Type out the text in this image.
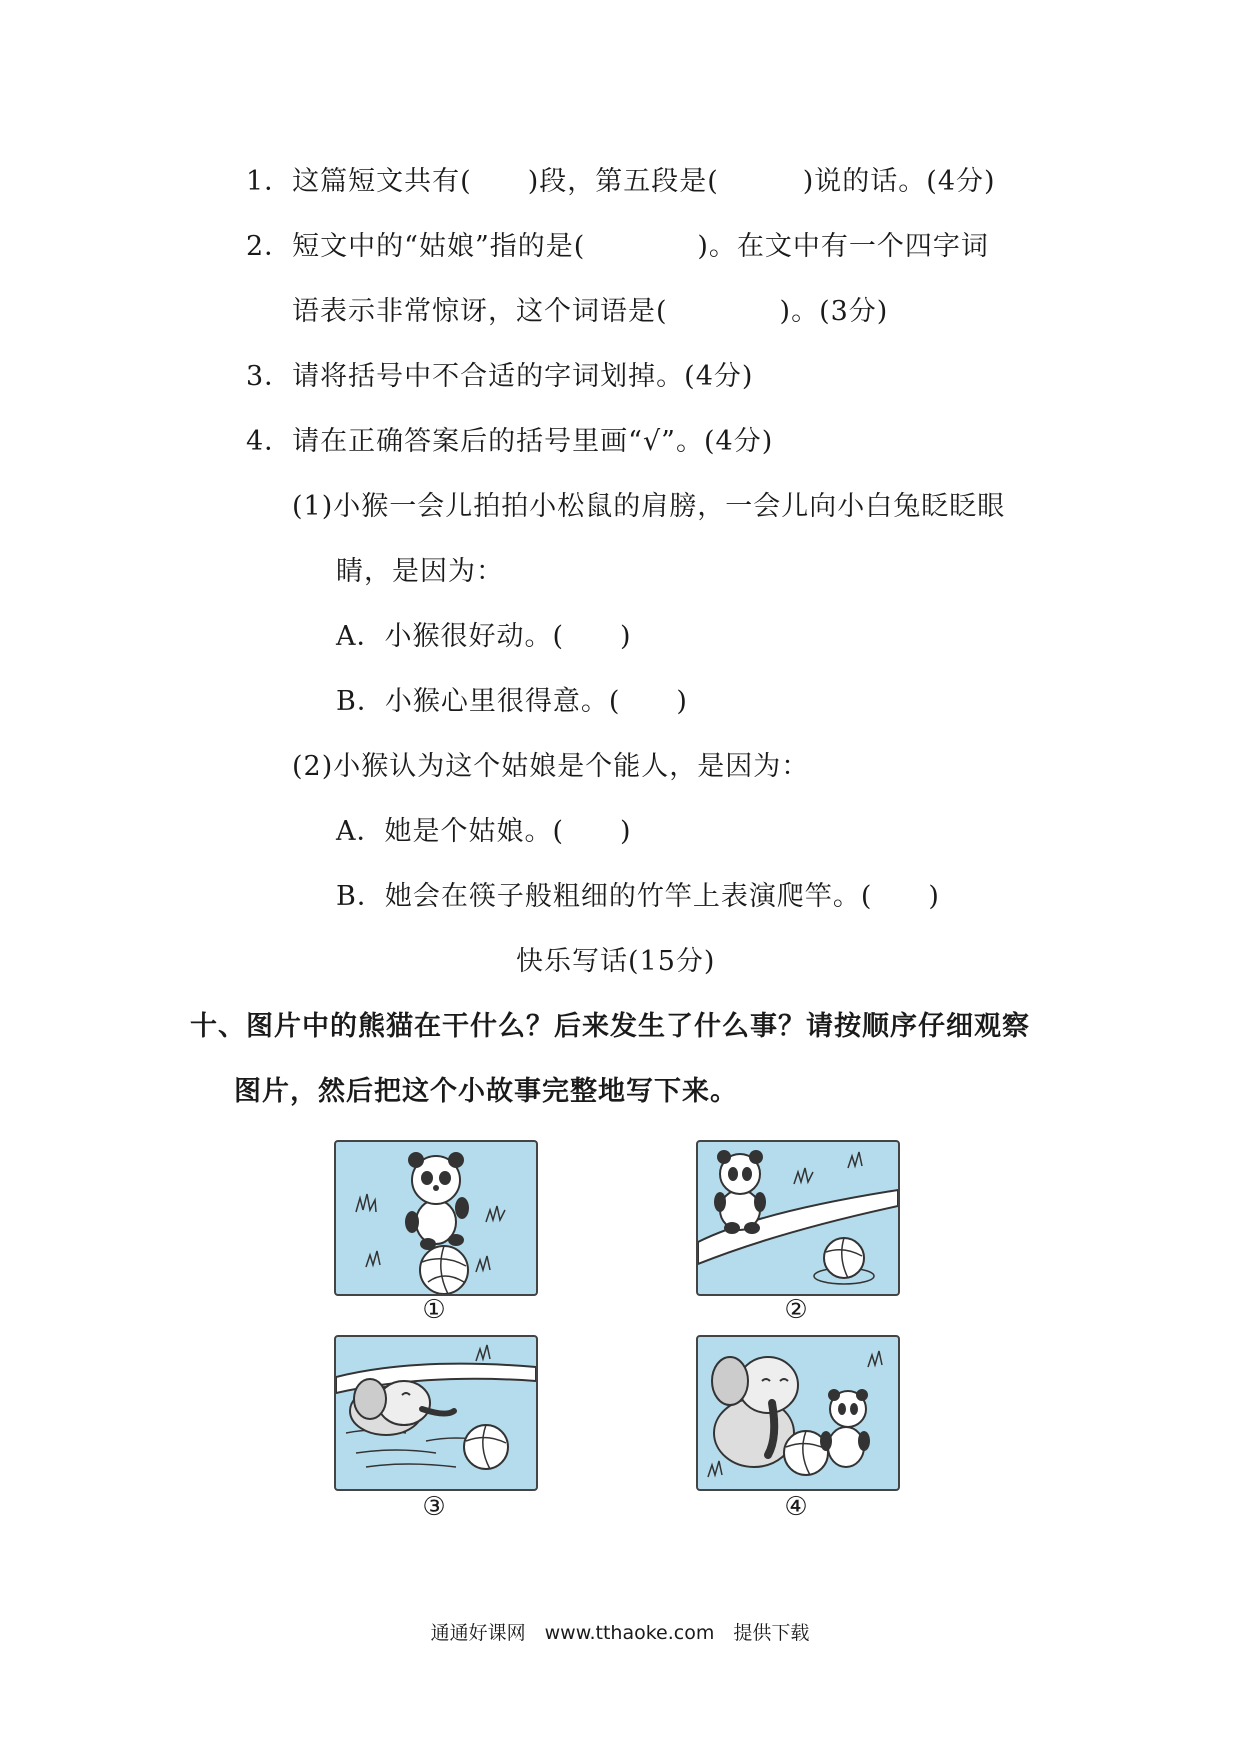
1．这篇短文共有(　　)段，第五段是(　　　)说的话。(4分)
2．短文中的“姑娘”指的是(　　　　)。在文中有一个四字词
语表示非常惊讶，这个词语是(　　　　)。(3分)
3．请将括号中不合适的字词划掉。(4分)
4．请在正确答案后的括号里画“√”。(4分)
(1)小猴一会儿拍拍小松鼠的肩膀，一会儿向小白兔眨眨眼
睛，是因为：
A．小猴很好动。(　　)
B．小猴心里很得意。(　　)
(2)小猴认为这个姑娘是个能人，是因为：
A．她是个姑娘。(　　)
B．她会在筷子般粗细的竹竿上表演爬竿。(　　)
快乐写话(15分)
十、图片中的熊猫在干什么？后来发生了什么事？请按顺序仔细观察
图片，然后把这个小故事完整地写下来。
①	②
③	④
通通好课网　www.tthaoke.com　提供下载
